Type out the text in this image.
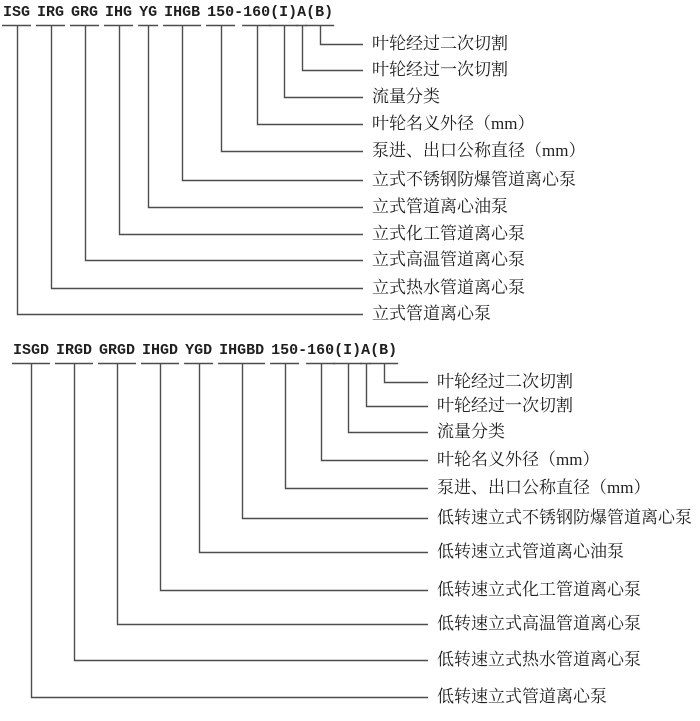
ISG IRG GRG IHG YG IHGB 150-160(I)A(B)
叶轮经过二次切割
叶轮经过一次切割
流量分类
叶轮名义外径（mm）
泵进、出口公称直径（mm）
立式不锈钢防爆管道离心泵
立式管道离心油泵
立式化工管道离心泵
立式高温管道离心泵
立式热水管道离心泵
立式管道离心泵
ISGD IRGD GRGD IHGD YGD IHGBD 150-160(I)A(B)
叶轮经过二次切割
叶轮经过一次切割
流量分类
叶轮名义外径（mm）
泵进、出口公称直径（mm）
低转速立式不锈钢防爆管道离心泵
低转速立式管道离心油泵
低转速立式化工管道离心泵
低转速立式高温管道离心泵
低转速立式热水管道离心泵
低转速立式管道离心泵
